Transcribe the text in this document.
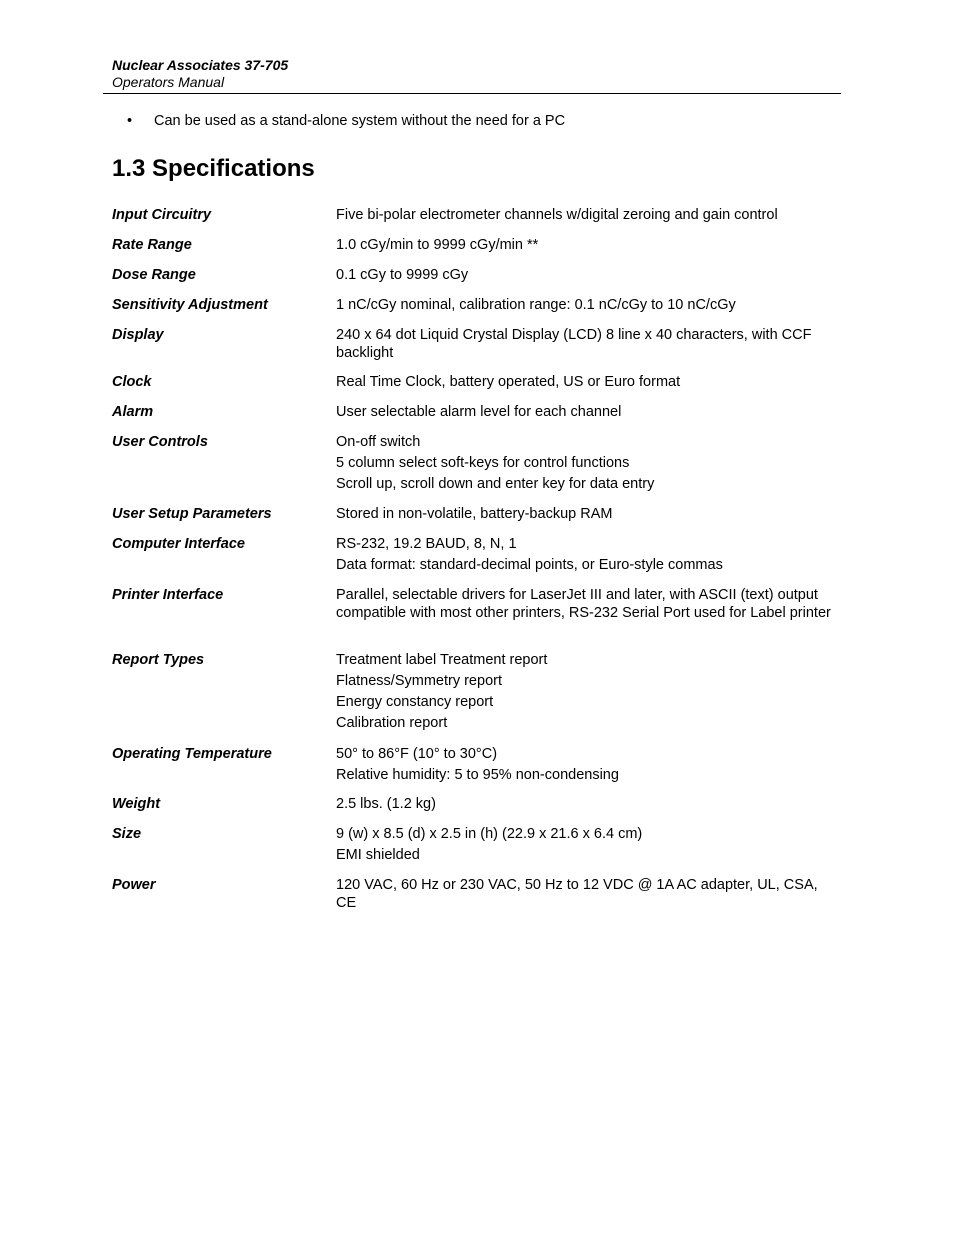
Nuclear Associates 37-705
Operators Manual
• Can be used as a stand-alone system without the need for a PC
1.3 Specifications
Input Circuitry	Five bi-polar electrometer channels w/digital zeroing and gain control
Rate Range	1.0 cGy/min to 9999 cGy/min **
Dose Range	0.1 cGy to 9999 cGy
Sensitivity Adjustment	1 nC/cGy nominal, calibration range: 0.1 nC/cGy to 10 nC/cGy
Display	240 x 64 dot Liquid Crystal Display (LCD) 8 line x 40 characters, with CCF backlight
Clock	Real Time Clock, battery operated, US or Euro format
Alarm	User selectable alarm level for each channel
User Controls	On-off switch
5 column select soft-keys for control functions
Scroll up, scroll down and enter key for data entry
User Setup Parameters	Stored in non-volatile, battery-backup RAM
Computer Interface	RS-232, 19.2 BAUD, 8, N, 1
Data format: standard-decimal points, or Euro-style commas
Printer Interface	Parallel, selectable drivers for LaserJet III and later, with ASCII (text) output compatible with most other printers, RS-232 Serial Port used for Label printer
Report Types	Treatment label Treatment report
Flatness/Symmetry report
Energy constancy report
Calibration report
Operating Temperature	50° to 86°F (10° to 30°C)
Relative humidity: 5 to 95% non-condensing
Weight	2.5 lbs. (1.2 kg)
Size	9 (w) x 8.5 (d) x 2.5 in (h) (22.9 x 21.6 x 6.4 cm)
EMI shielded
Power	120 VAC, 60 Hz or 230 VAC, 50 Hz to 12 VDC @ 1A AC adapter, UL, CSA, CE
